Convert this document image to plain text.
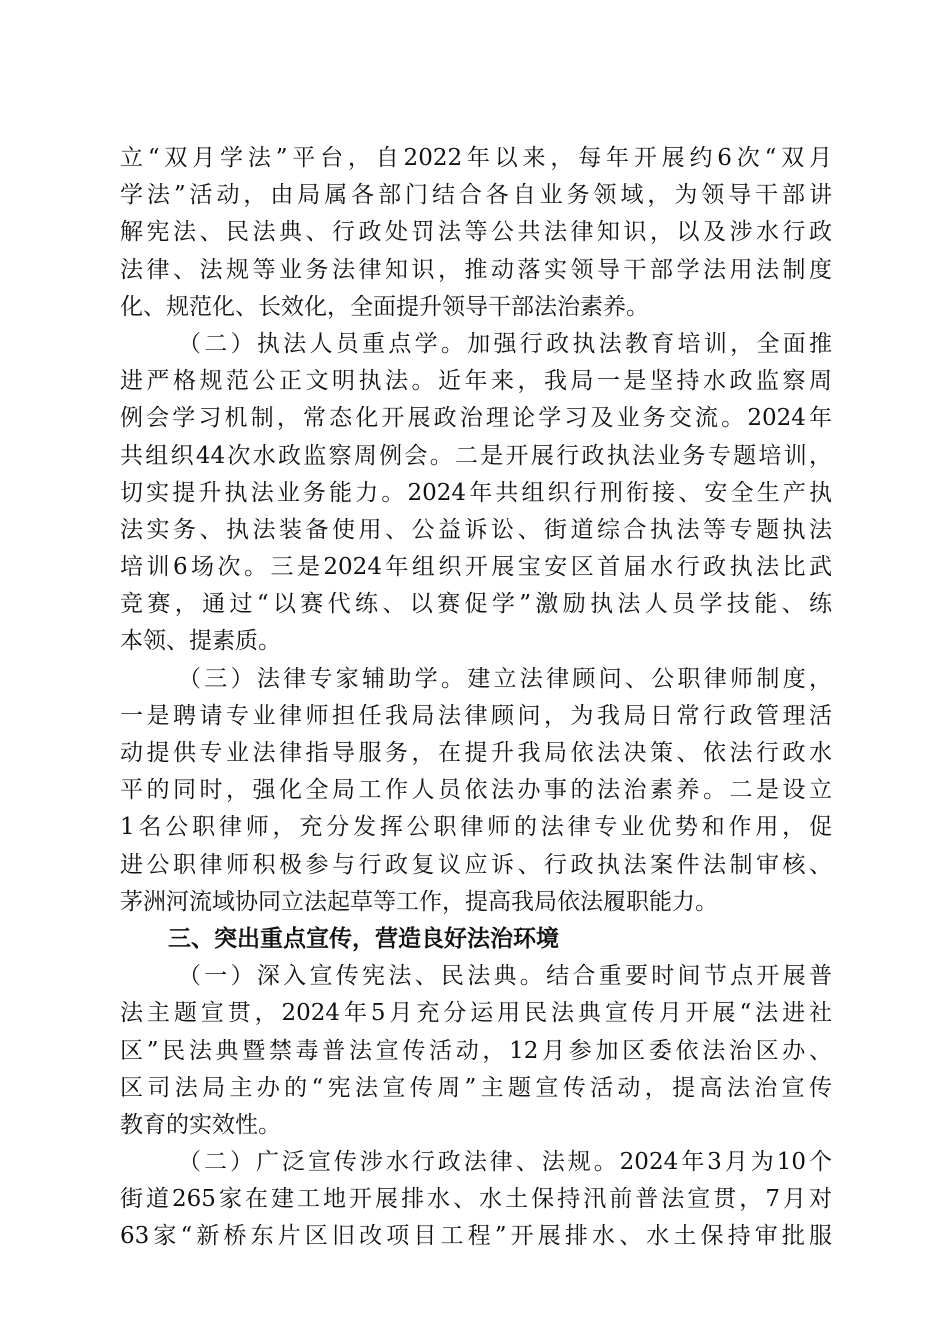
立“双月学法”平台，自2022年以来，每年开展约6次“双月
学法”活动，由局属各部门结合各自业务领域，为领导干部讲
解宪法、民法典、行政处罚法等公共法律知识，以及涉水行政
法律、法规等业务法律知识，推动落实领导干部学法用法制度
化、规范化、长效化，全面提升领导干部法治素养。
（二）执法人员重点学。加强行政执法教育培训，全面推
进严格规范公正文明执法。近年来，我局一是坚持水政监察周
例会学习机制，常态化开展政治理论学习及业务交流。2024年
共组织44次水政监察周例会。二是开展行政执法业务专题培训，
切实提升执法业务能力。2024年共组织行刑衔接、安全生产执
法实务、执法装备使用、公益诉讼、街道综合执法等专题执法
培训6场次。三是2024年组织开展宝安区首届水行政执法比武
竞赛，通过“以赛代练、以赛促学”激励执法人员学技能、练
本领、提素质。
（三）法律专家辅助学。建立法律顾问、公职律师制度，
一是聘请专业律师担任我局法律顾问，为我局日常行政管理活
动提供专业法律指导服务，在提升我局依法决策、依法行政水
平的同时，强化全局工作人员依法办事的法治素养。二是设立
1名公职律师，充分发挥公职律师的法律专业优势和作用，促
进公职律师积极参与行政复议应诉、行政执法案件法制审核、
茅洲河流域协同立法起草等工作，提高我局依法履职能力。
三、突出重点宣传，营造良好法治环境
（一）深入宣传宪法、民法典。结合重要时间节点开展普
法主题宣贯，2024年5月充分运用民法典宣传月开展“法进社
区”民法典暨禁毒普法宣传活动，12月参加区委依法治区办、
区司法局主办的“宪法宣传周”主题宣传活动，提高法治宣传
教育的实效性。
（二）广泛宣传涉水行政法律、法规。2024年3月为10个
街道265家在建工地开展排水、水土保持汛前普法宣贯，7月对
63家“新桥东片区旧改项目工程”开展排水、水土保持审批服
